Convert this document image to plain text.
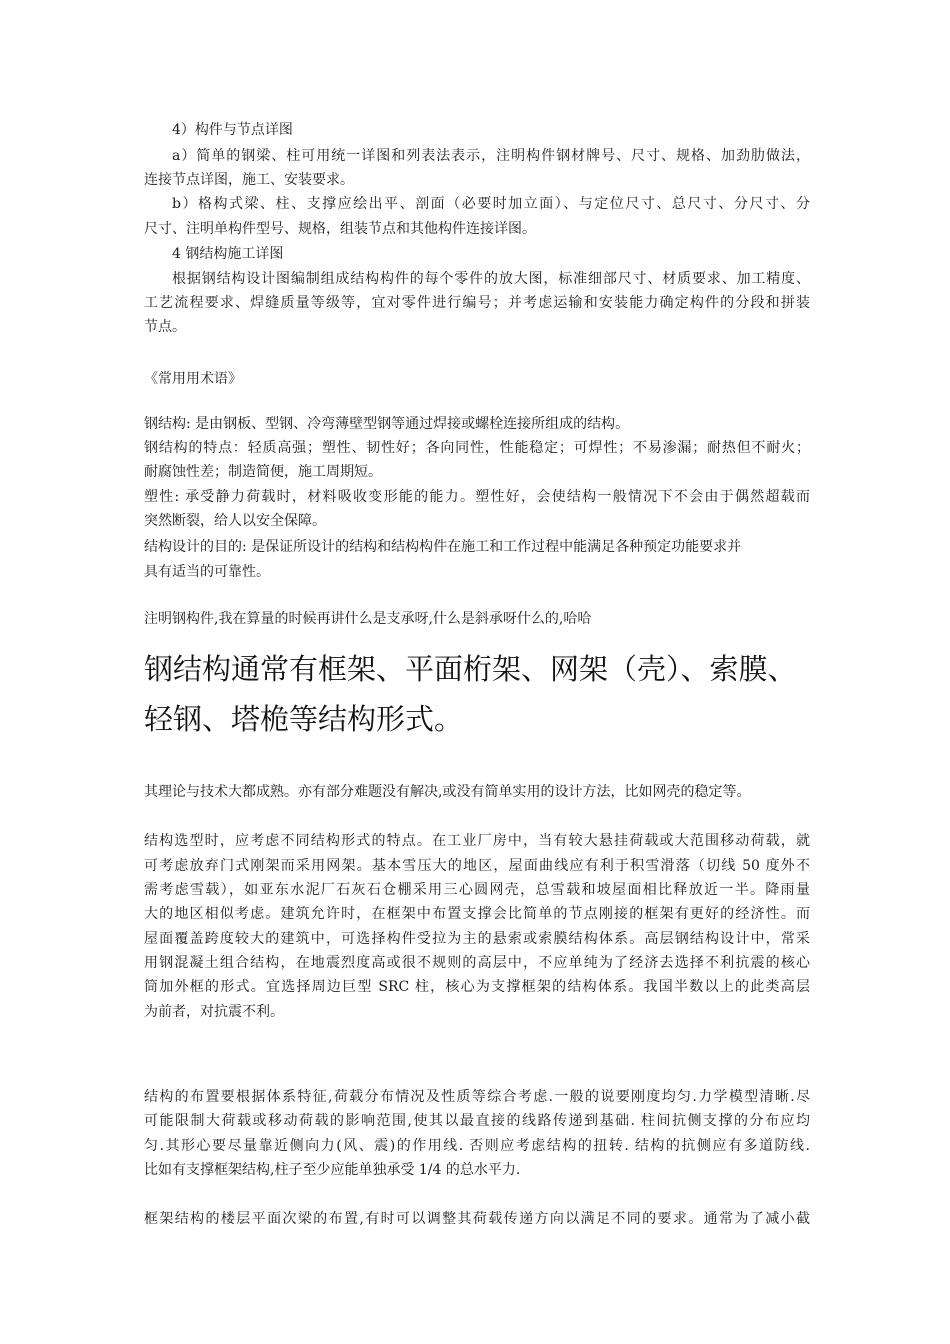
4）构件与节点详图
a）简单的钢梁、柱可用统一详图和列表法表示，注明构件钢材牌号、尺寸、规格、加劲肋做法，
连接节点详图，施工、安装要求。
b）格构式梁、柱、支撑应绘出平、剖面（必要时加立面）、与定位尺寸、总尺寸、分尺寸、分
尺寸、注明单构件型号、规格，组装节点和其他构件连接详图。
4 钢结构施工详图
根据钢结构设计图编制组成结构构件的每个零件的放大图，标准细部尺寸、材质要求、加工精度、
工艺流程要求、焊缝质量等级等，宜对零件进行编号；并考虑运输和安装能力确定构件的分段和拼装
节点。
《常用用术语》
钢结构: 是由钢板、型钢、冷弯薄壁型钢等通过焊接或螺栓连接所组成的结构。
钢结构的特点：轻质高强；塑性、韧性好；各向同性，性能稳定；可焊性；不易渗漏；耐热但不耐火；
耐腐蚀性差；制造简便，施工周期短。
塑性: 承受静力荷载时，材料吸收变形能的能力。塑性好，会使结构一般情况下不会由于偶然超载而
突然断裂，给人以安全保障。
结构设计的目的: 是保证所设计的结构和结构构件在施工和工作过程中能满足各种预定功能要求并
具有适当的可靠性。
注明钢构件,我在算量的时候再讲什么是支承呀,什么是斜承呀什么的,哈哈
钢结构通常有框架、平面桁架、网架（壳）、索膜、
轻钢、塔桅等结构形式。
其理论与技术大都成熟。亦有部分难题没有解决,或没有简单实用的设计方法，比如网壳的稳定等。
结构选型时，应考虑不同结构形式的特点。在工业厂房中，当有较大悬挂荷载或大范围移动荷载，就
可考虑放弃门式刚架而采用网架。基本雪压大的地区，屋面曲线应有利于积雪滑落（切线 50 度外不
需考虑雪载），如亚东水泥厂石灰石仓棚采用三心圆网壳，总雪载和坡屋面相比释放近一半。降雨量
大的地区相似考虑。建筑允许时，在框架中布置支撑会比简单的节点刚接的框架有更好的经济性。而
屋面覆盖跨度较大的建筑中，可选择构件受拉为主的悬索或索膜结构体系。高层钢结构设计中，常采
用钢混凝土组合结构，在地震烈度高或很不规则的高层中，不应单纯为了经济去选择不利抗震的核心
筒加外框的形式。宜选择周边巨型 SRC 柱，核心为支撑框架的结构体系。我国半数以上的此类高层
为前者，对抗震不利。
结构的布置要根据体系特征,荷载分布情况及性质等综合考虑.一般的说要刚度均匀.力学模型清晰.尽
可能限制大荷载或移动荷载的影响范围,使其以最直接的线路传递到基础. 柱间抗侧支撑的分布应均
匀.其形心要尽量靠近侧向力(风、震)的作用线. 否则应考虑结构的扭转. 结构的抗侧应有多道防线.
比如有支撑框架结构,柱子至少应能单独承受 1/4 的总水平力.
框架结构的楼层平面次梁的布置,有时可以调整其荷载传递方向以满足不同的要求。通常为了减小截
